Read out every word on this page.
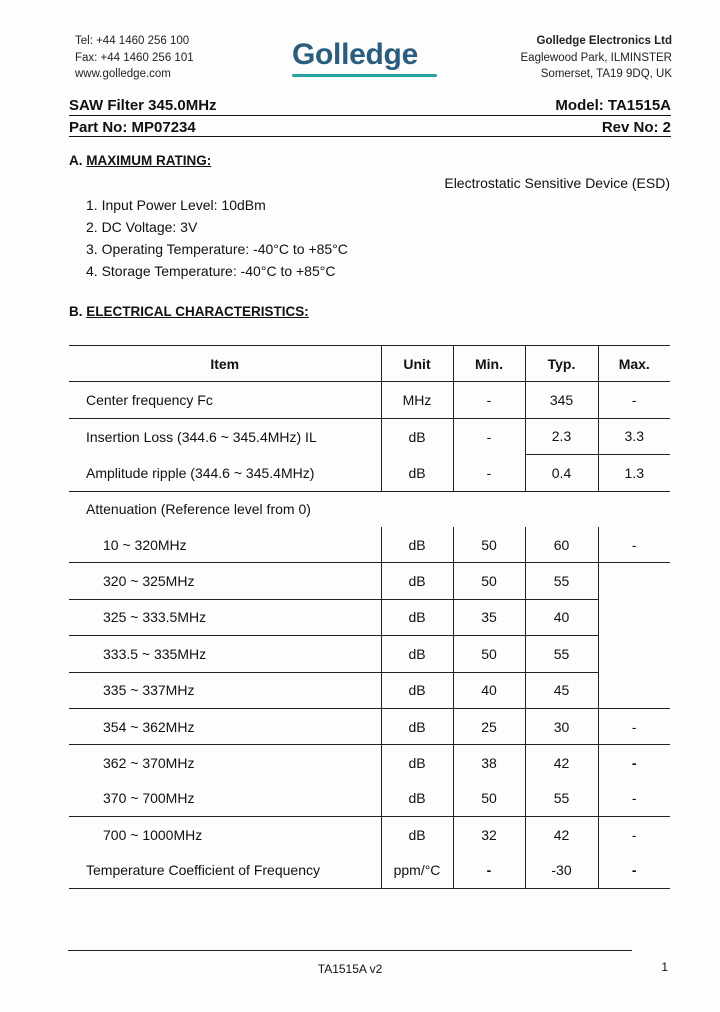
Tel: +44 1460 256 100
Fax: +44 1460 256 101
www.golledge.com
Golledge	Golledge Electronics Ltd
Eaglewood Park, ILMINSTER
Somerset, TA19 9DQ, UK
SAW Filter 345.0MHz	Model: TA1515A
Part No: MP07234	Rev No: 2
A. MAXIMUM RATING:
Electrostatic Sensitive Device (ESD)
1. Input Power Level: 10dBm
2. DC Voltage: 3V
3. Operating Temperature: -40°C to +85°C
4. Storage Temperature: -40°C to +85°C
B. ELECTRICAL CHARACTERISTICS:
Item	Unit	Min.	Typ.	Max.
Center frequency Fc	MHz	-	345	-
Insertion Loss (344.6 ~ 345.4MHz) IL	dB	-	2.3	3.3
Amplitude ripple (344.6 ~ 345.4MHz)	dB	-	0.4	1.3
Attenuation (Reference level from 0)				
10 ~ 320MHz	dB	50	60	-
320 ~ 325MHz	dB	50	55	
325 ~ 333.5MHz	dB	35	40	
333.5 ~ 335MHz	dB	50	55	
335 ~ 337MHz	dB	40	45	
354 ~ 362MHz	dB	25	30	-
362 ~ 370MHz	dB	38	42	-
370 ~ 700MHz	dB	50	55	-
700 ~ 1000MHz	dB	32	42	-
Temperature Coefficient of Frequency	ppm/°C	-	-30	-
TA1515A v2	1
